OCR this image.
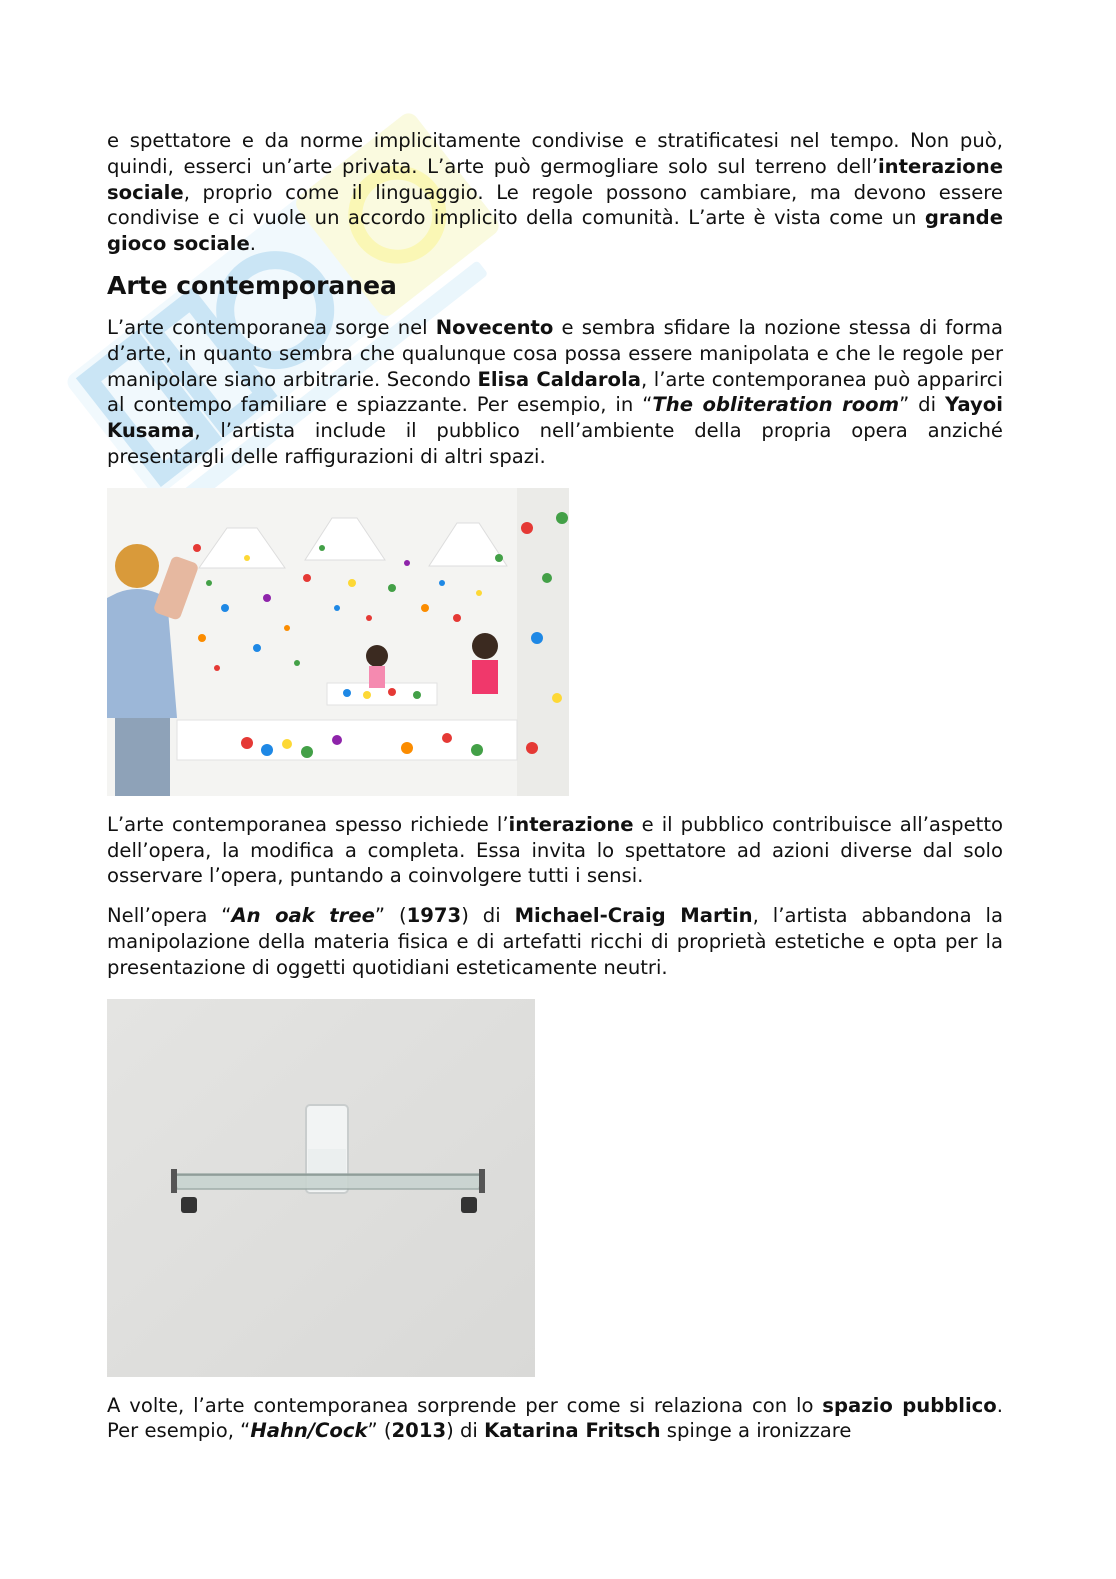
e spettatore e da norme implicitamente condivise e stratificatesi nel tempo. Non può, quindi, esserci un’arte privata. L’arte può germogliare solo sul terreno dell’interazione sociale, proprio come il linguaggio. Le regole possono cambiare, ma devono essere condivise e ci vuole un accordo implicito della comunità. L’arte è vista come un grande gioco sociale.

Arte contemporanea

L’arte contemporanea sorge nel Novecento e sembra sfidare la nozione stessa di forma d’arte, in quanto sembra che qualunque cosa possa essere manipolata e che le regole per manipolare siano arbitrarie. Secondo Elisa Caldarola, l’arte contemporanea può apparirci al contempo familiare e spiazzante. Per esempio, in “The obliteration room” di Yayoi Kusama, l’artista include il pubblico nell’ambiente della propria opera anziché presentargli delle raffigurazioni di altri spazi.

L’arte contemporanea spesso richiede l’interazione e il pubblico contribuisce all’aspetto dell’opera, la modifica a completa. Essa invita lo spettatore ad azioni diverse dal solo osservare l’opera, puntando a coinvolgere tutti i sensi.

Nell’opera “An oak tree” (1973) di Michael-Craig Martin, l’artista abbandona la manipolazione della materia fisica e di artefatti ricchi di proprietà estetiche e opta per la presentazione di oggetti quotidiani esteticamente neutri.

A volte, l’arte contemporanea sorprende per come si relaziona con lo spazio pubblico. Per esempio, “Hahn/Cock” (2013) di Katarina Fritsch spinge a ironizzare
